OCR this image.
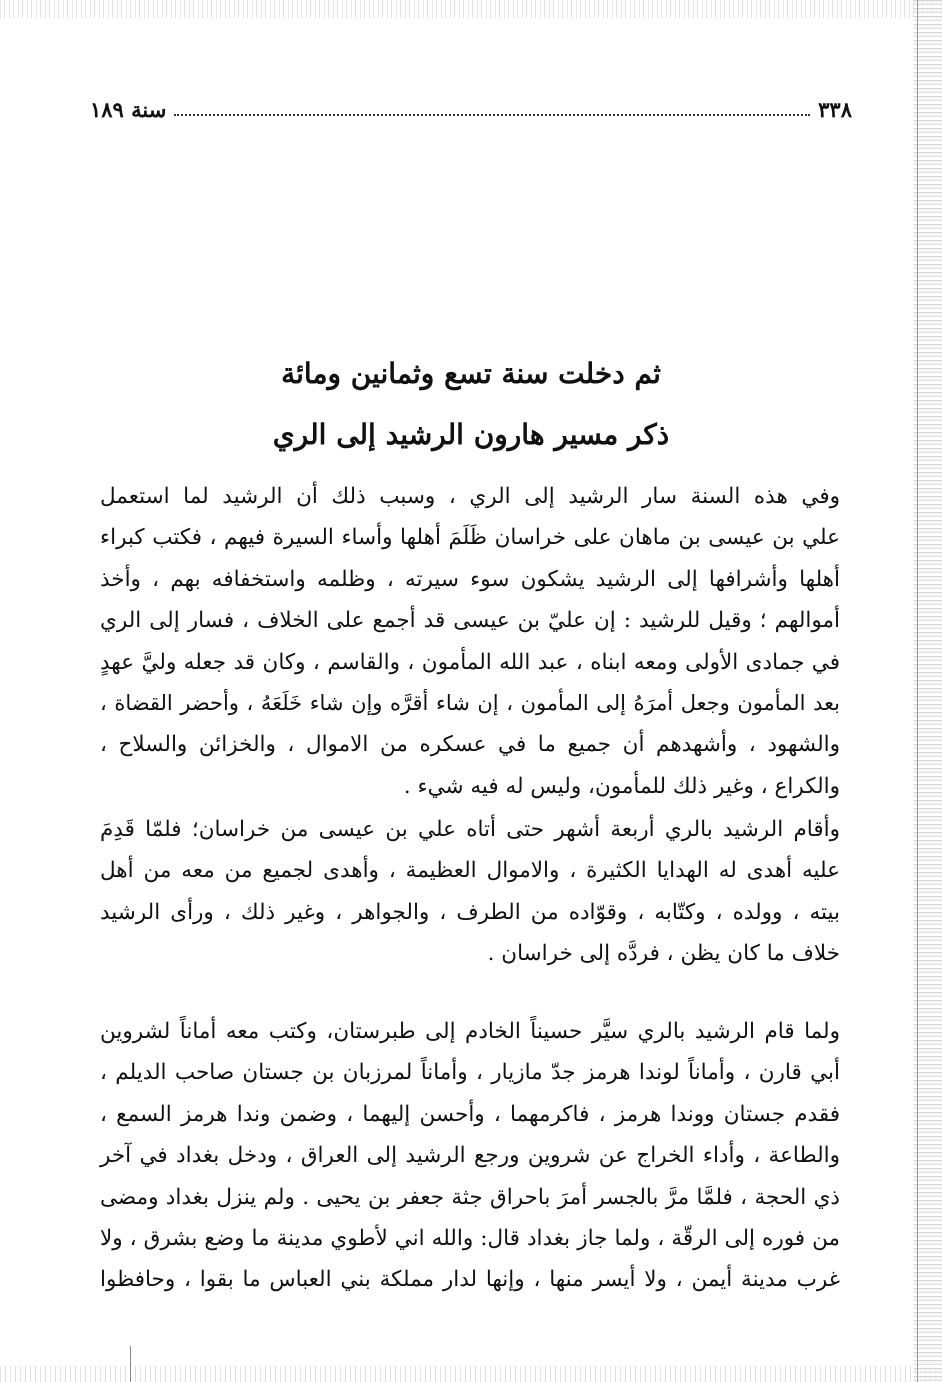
٣٣٨
سنة ١٨٩
ثم دخلت سنة تسع وثمانين ومائة
ذكر مسير هارون الرشيد إلى الري
وفي هذه السنة سار الرشيد إلى الري ، وسبب ذلك أن الرشيد لما استعمل
علي بن عيسى بن ماهان على خراسان ظَلَمَ أهلها وأساء السيرة فيهم ، فكتب كبراء
أهلها وأشرافها إلى الرشيد يشكون سوء سيرته ، وظلمه واستخفافه بهم ، وأخذ
أموالهم ؛ وقيل للرشيد : إن عليّ بن عيسى قد أجمع على الخلاف ، فسار إلى الري
في جمادى الأولى ومعه ابناه ، عبد الله المأمون ، والقاسم ، وكان قد جعله وليَّ عهدٍ
بعد المأمون وجعل أمرَهُ إلى المأمون ، إن شاء أقرَّه وإن شاء خَلَعَهُ ، وأحضر القضاة ،
والشهود ، وأشهدهم أن جميع ما في عسكره من الاموال ، والخزائن والسلاح ،
والكراع ، وغير ذلك للمأمون، وليس له فيه شيء .
وأقام الرشيد بالري أربعة أشهر حتى أتاه علي بن عيسى من خراسان؛ فلمّا قَدِمَ
عليه أهدى له الهدايا الكثيرة ، والاموال العظيمة ، وأهدى لجميع من معه من أهل
بيته ، وولده ، وكتّابه ، وقوّاده من الطرف ، والجواهر ، وغير ذلك ، ورأى الرشيد
خلاف ما كان يظن ، فردَّه إلى خراسان .
ولما قام الرشيد بالري سيَّر حسيناً الخادم إلى طبرستان، وكتب معه أماناً لشروين
أبي قارن ، وأماناً لوندا هرمز جدّ مازيار ، وأماناً لمرزبان بن جستان صاحب الديلم ،
فقدم جستان ووندا هرمز ، فاكرمهما ، وأحسن إليهما ، وضمن وندا هرمز السمع ،
والطاعة ، وأداء الخراج عن شروين ورجع الرشيد إلى العراق ، ودخل بغداد في آخر
ذي الحجة ، فلمَّا مرَّ بالجسر أمرَ باحراق جثة جعفر بن يحيى . ولم ينزل بغداد ومضى
من فوره إلى الرقّة ، ولما جاز بغداد قال: والله اني لأطوي مدينة ما وضع بشرق ، ولا
غرب مدينة أيمن ، ولا أيسر منها ، وإنها لدار مملكة بني العباس ما بقوا ، وحافظوا
